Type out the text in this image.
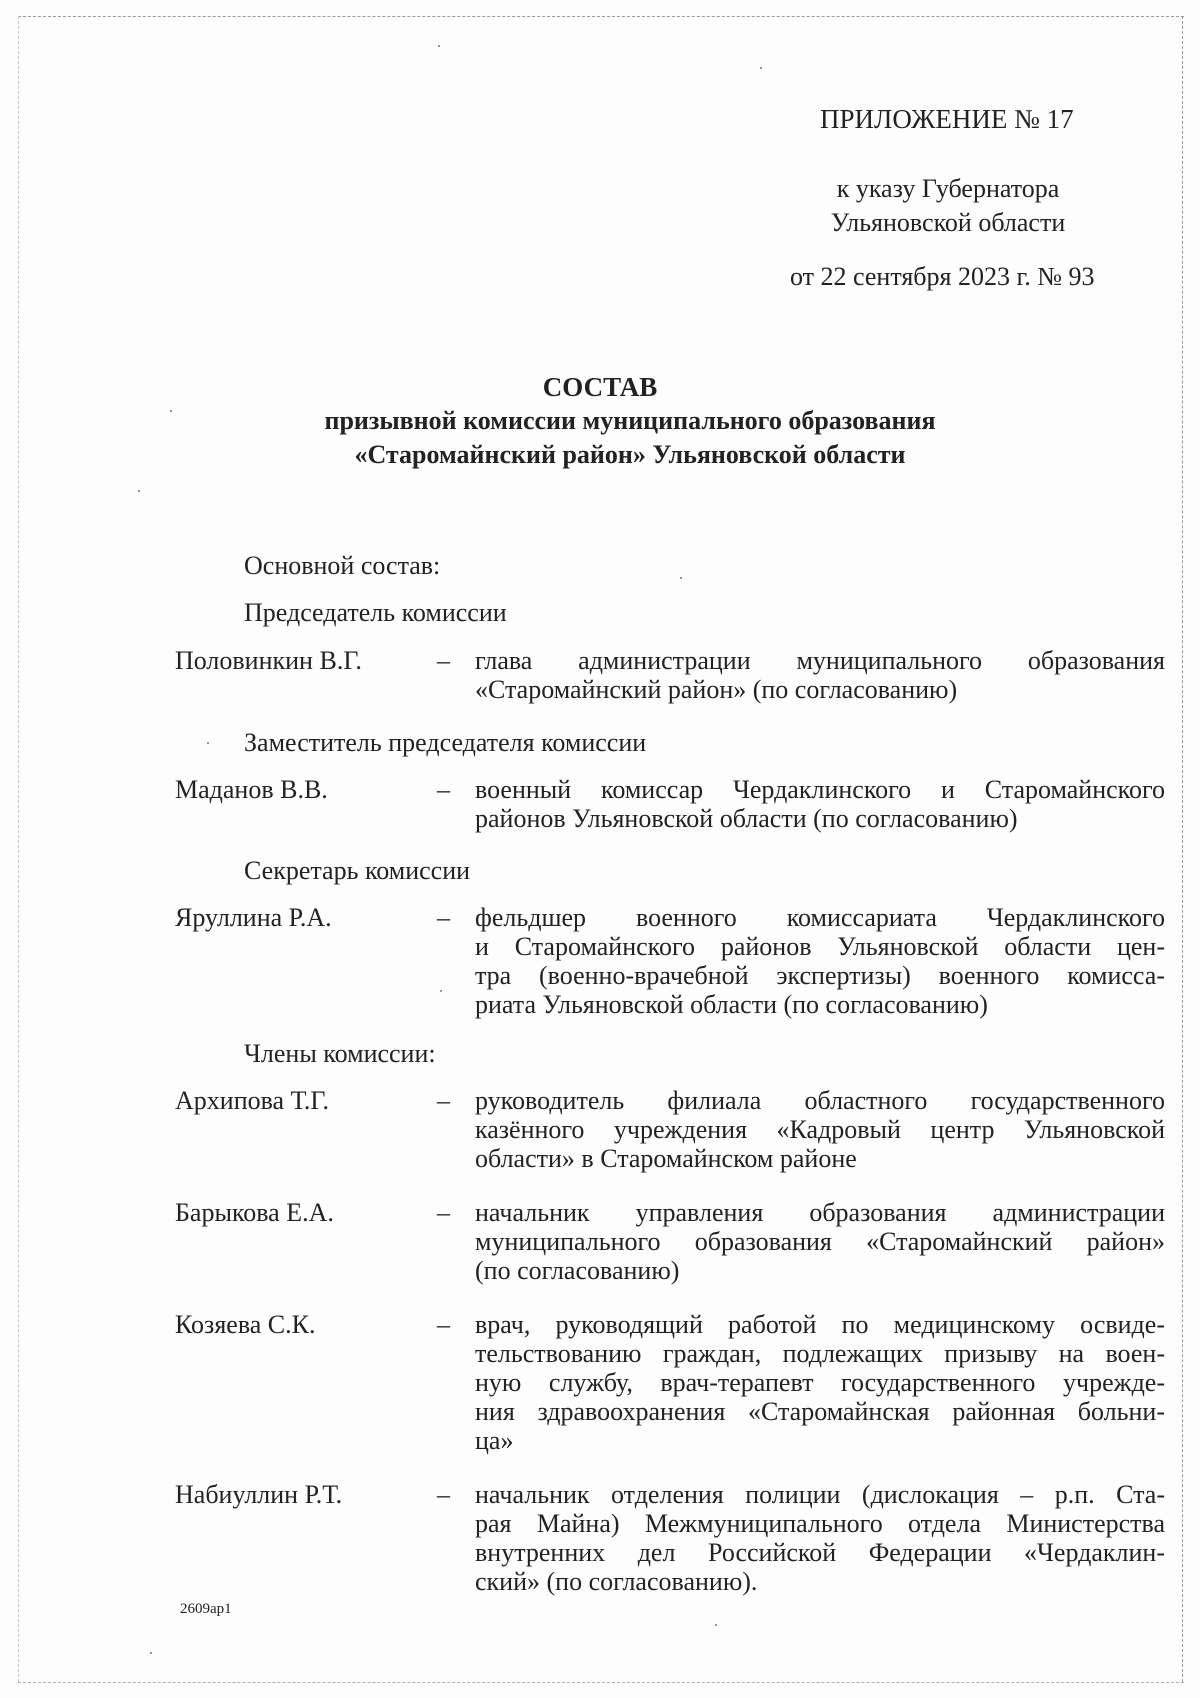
ПРИЛОЖЕНИЕ № 17
к указу Губернатора
Ульяновской области
от 22 сентября 2023 г. № 93
СОСТАВ
призывной комиссии муниципального образования
«Старомайнский район» Ульяновской области
Основной состав:
Председатель комиссии
Половинкин В.Г.	– глава администрации муниципального образования
«Старомайнский район» (по согласованию)
Заместитель председателя комиссии
Маданов В.В.	– военный комиссар Чердаклинского и Старомайнского
районов Ульяновской области (по согласованию)
Секретарь комиссии
Яруллина Р.А.	– фельдшер военного комиссариата Чердаклинского
и Старомайнского районов Ульяновской области цен-
тра (военно-врачебной экспертизы) военного комисса-
риата Ульяновской области (по согласованию)
Члены комиссии:
Архипова Т.Г.	– руководитель филиала областного государственного
казённого учреждения «Кадровый центр Ульяновской
области» в Старомайнском районе
Барыкова Е.А.	– начальник управления образования администрации
муниципального образования «Старомайнский район»
(по согласованию)
Козяева С.К.	– врач, руководящий работой по медицинскому освиде-
тельствованию граждан, подлежащих призыву на воен-
ную службу, врач-терапевт государственного учрежде-
ния здравоохранения «Старомайнская районная больни-
ца»
Набиуллин Р.Т.	– начальник отделения полиции (дислокация – р.п. Ста-
рая Майна) Межмуниципального отдела Министерства
внутренних дел Российской Федерации «Чердаклин-
ский» (по согласованию).
2609ар1
